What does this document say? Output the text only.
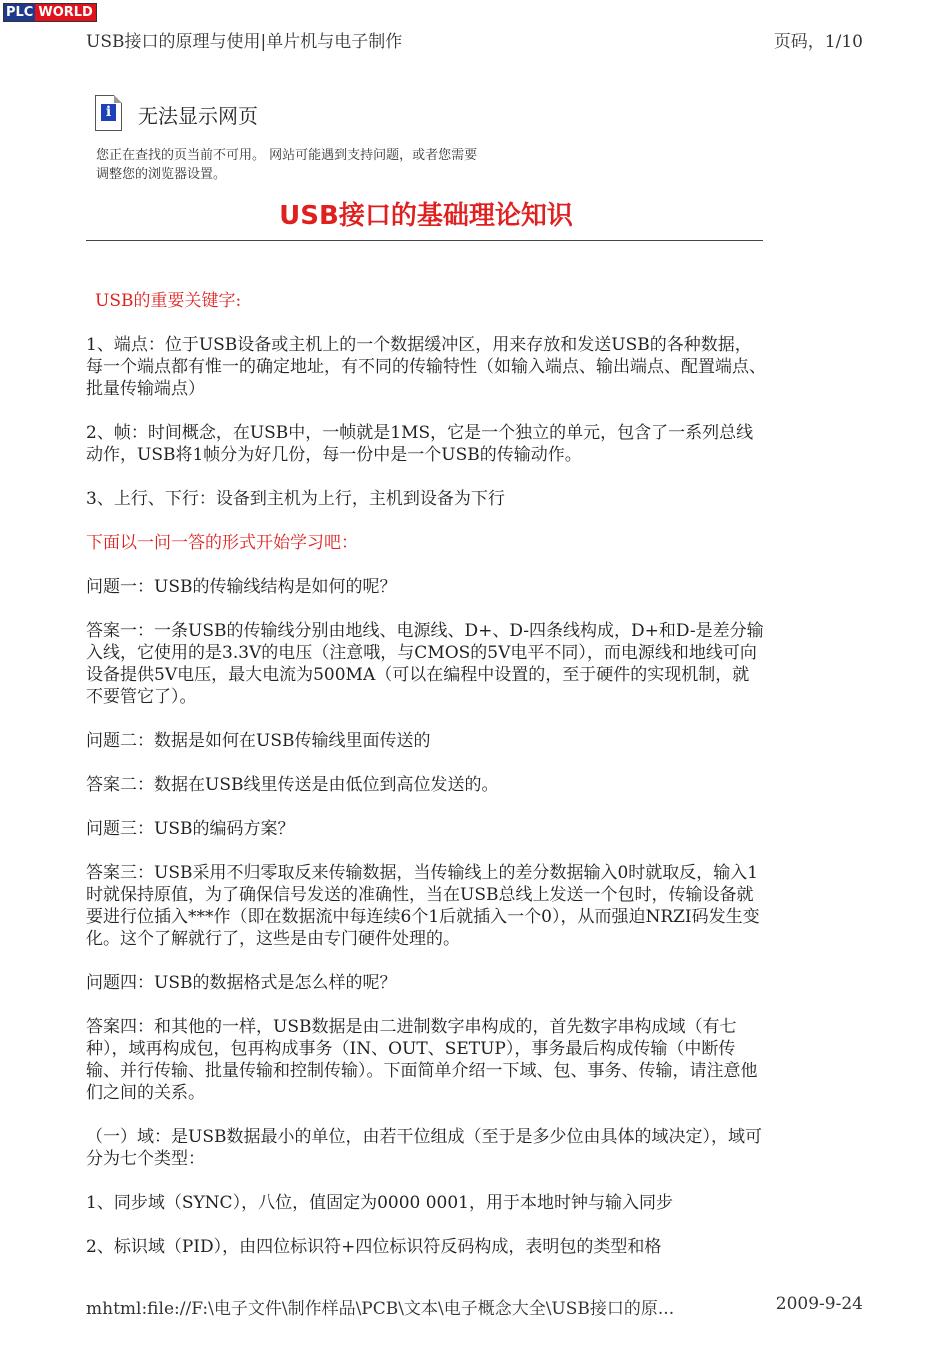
PLC WORLD
USB接口的原理与使用|单片机与电子制作	页码，1/10
i 无法显示网页
您正在查找的页当前不可用。 网站可能遇到支持问题，或者您需要
调整您的浏览器设置。
USB接口的基础理论知识

USB的重要关键字:

1、端点：位于USB设备或主机上的一个数据缓冲区，用来存放和发送USB的各种数据，每一个端点都有惟一的确定地址，有不同的传输特性（如输入端点、输出端点、配置端点、批量传输端点）

2、帧：时间概念，在USB中，一帧就是1MS，它是一个独立的单元，包含了一系列总线动作，USB将1帧分为好几份，每一份中是一个USB的传输动作。

3、上行、下行：设备到主机为上行，主机到设备为下行

下面以一问一答的形式开始学习吧：

问题一：USB的传输线结构是如何的呢？

答案一：一条USB的传输线分别由地线、电源线、D+、D-四条线构成，D+和D-是差分输入线，它使用的是3.3V的电压（注意哦，与CMOS的5V电平不同），而电源线和地线可向设备提供5V电压，最大电流为500MA（可以在编程中设置的，至于硬件的实现机制，就不要管它了）。

问题二：数据是如何在USB传输线里面传送的

答案二：数据在USB线里传送是由低位到高位发送的。

问题三：USB的编码方案？

答案三：USB采用不归零取反来传输数据，当传输线上的差分数据输入0时就取反，输入1时就保持原值，为了确保信号发送的准确性，当在USB总线上发送一个包时，传输设备就要进行位插入***作（即在数据流中每连续6个1后就插入一个0），从而强迫NRZI码发生变化。这个了解就行了，这些是由专门硬件处理的。

问题四：USB的数据格式是怎么样的呢？

答案四：和其他的一样，USB数据是由二进制数字串构成的，首先数字串构成域（有七种），域再构成包，包再构成事务（IN、OUT、SETUP），事务最后构成传输（中断传输、并行传输、批量传输和控制传输）。下面简单介绍一下域、包、事务、传输，请注意他们之间的关系。

（一）域：是USB数据最小的单位，由若干位组成（至于是多少位由具体的域决定），域可分为七个类型：

1、同步域（SYNC），八位，值固定为0000 0001，用于本地时钟与输入同步

2、标识域（PID），由四位标识符+四位标识符反码构成，表明包的类型和格

mhtml:file://F:\电子文件\制作样品\PCB\文本\电子概念大全\USB接口的原...	2009-9-24
